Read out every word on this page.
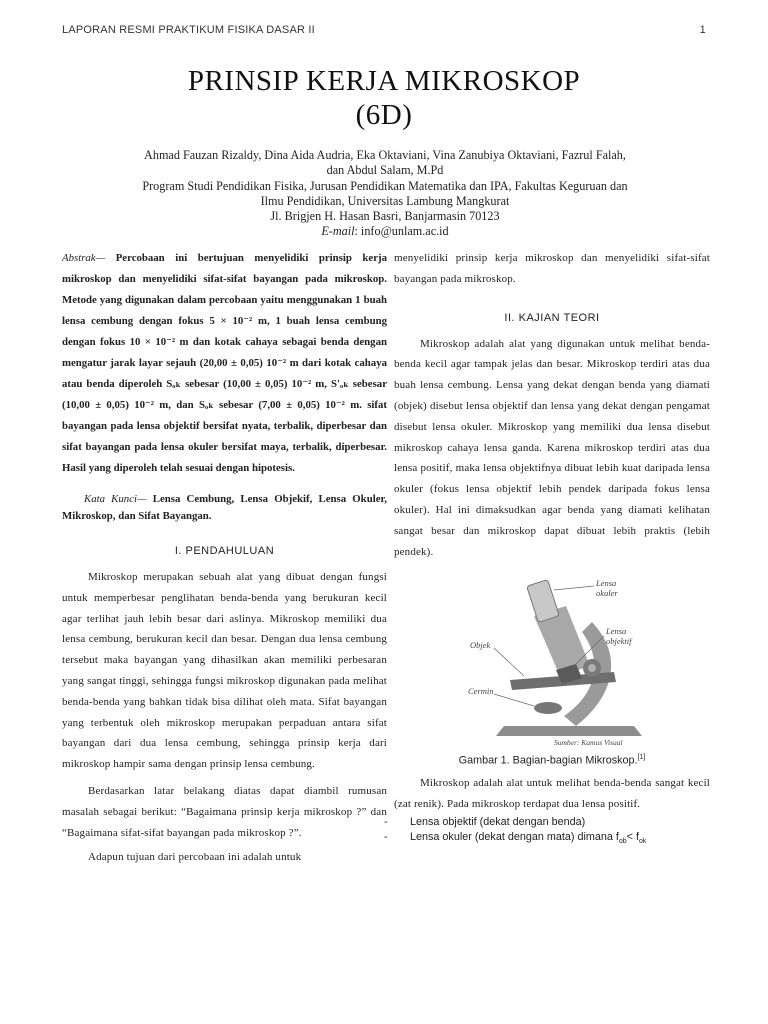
LAPORAN RESMI PRAKTIKUM FISIKA DASAR II	1
PRINSIP KERJA MIKROSKOP
(6D)
Ahmad Fauzan Rizaldy, Dina Aida Audria, Eka Oktaviani, Vina Zanubiya Oktaviani, Fazrul Falah,
dan Abdul Salam, M.Pd
Program Studi Pendidikan Fisika, Jurusan Pendidikan Matematika dan IPA, Fakultas Keguruan dan
Ilmu Pendidikan, Universitas Lambung Mangkurat
Jl. Brigjen H. Hasan Basri, Banjarmasin 70123
E-mail: info@unlam.ac.id

Abstrak— Percobaan ini bertujuan menyelidiki prinsip kerja mikroskop dan menyelidiki sifat-sifat bayangan pada mikroskop. Metode yang digunakan dalam percobaan yaitu menggunakan 1 buah lensa cembung dengan fokus 5 × 10⁻² m, 1 buah lensa cembung dengan fokus 10 × 10⁻² m dan kotak cahaya sebagai benda dengan mengatur jarak layar sejauh (20,00 ± 0,05) 10⁻² m dari kotak cahaya atau benda diperoleh Sₒₖ sebesar (10,00 ± 0,05) 10⁻² m, S'ₒₖ sebesar (10,00 ± 0,05) 10⁻² m, dan Sₒₖ sebesar (7,00 ± 0,05) 10⁻² m. sifat bayangan pada lensa objektif bersifat nyata, terbalik, diperbesar dan sifat bayangan pada lensa okuler bersifat maya, terbalik, diperbesar. Hasil yang diperoleh telah sesuai dengan hipotesis.

Kata Kunci— Lensa Cembung, Lensa Objekif, Lensa Okuler, Mikroskop, dan Sifat Bayangan.

I. PENDAHULUAN

Mikroskop merupakan sebuah alat yang dibuat dengan fungsi untuk memperbesar penglihatan benda-benda yang berukuran kecil agar terlihat jauh lebih besar dari aslinya. Mikroskop memiliki dua lensa cembung, berukuran kecil dan besar. Dengan dua lensa cembung tersebut maka bayangan yang dihasilkan akan memiliki perbesaran yang sangat tinggi, sehingga fungsi mikroskop digunakan pada melihat benda-benda yang bahkan tidak bisa dilihat oleh mata. Sifat bayangan yang terbentuk oleh mikroskop merupakan perpaduan antara sifat bayangan dari dua lensa cembung, sehingga prinsip kerja dari mikroskop hampir sama dengan prinsip lensa cembung.

Berdasarkan latar belakang diatas dapat diambil rumusan masalah sebagai berikut: “Bagaimana prinsip kerja mikroskop ?” dan “Bagaimana sifat-sifat bayangan pada mikroskop ?”.

Adapun tujuan dari percobaan ini adalah untuk

menyelidiki prinsip kerja mikroskop dan menyelidiki sifat-sifat bayangan pada mikroskop.

II. KAJIAN TEORI

Mikroskop adalah alat yang digunakan untuk melihat benda-benda kecil agar tampak jelas dan besar. Mikroskop terdiri atas dua buah lensa cembung. Lensa yang dekat dengan benda yang diamati (objek) disebut lensa objektif dan lensa yang dekat dengan pengamat disebut lensa okuler. Mikroskop yang memiliki dua lensa disebut mikroskop cahaya lensa ganda. Karena mikroskop terdiri atas dua lensa positif, maka lensa objektifnya dibuat lebih kuat daripada lensa okuler (fokus lensa objektif lebih pendek daripada fokus lensa okuler). Hal ini dimaksudkan agar benda yang diamati kelihatan sangat besar dan mikroskop dapat dibuat lebih praktis (lebih pendek).

Lensa okuler
Lensa objektif
Objek
Cermin
Sumber: Kamus Visual
Gambar 1. Bagian-bagian Mikroskop.[1]

Mikroskop adalah alat untuk melihat benda-benda sangat kecil (zat renik). Pada mikroskop terdapat dua lensa positif.

- Lensa objektif (dekat dengan benda)
- Lensa okuler (dekat dengan mata) dimana $f_{ob}< f_{ok}$
